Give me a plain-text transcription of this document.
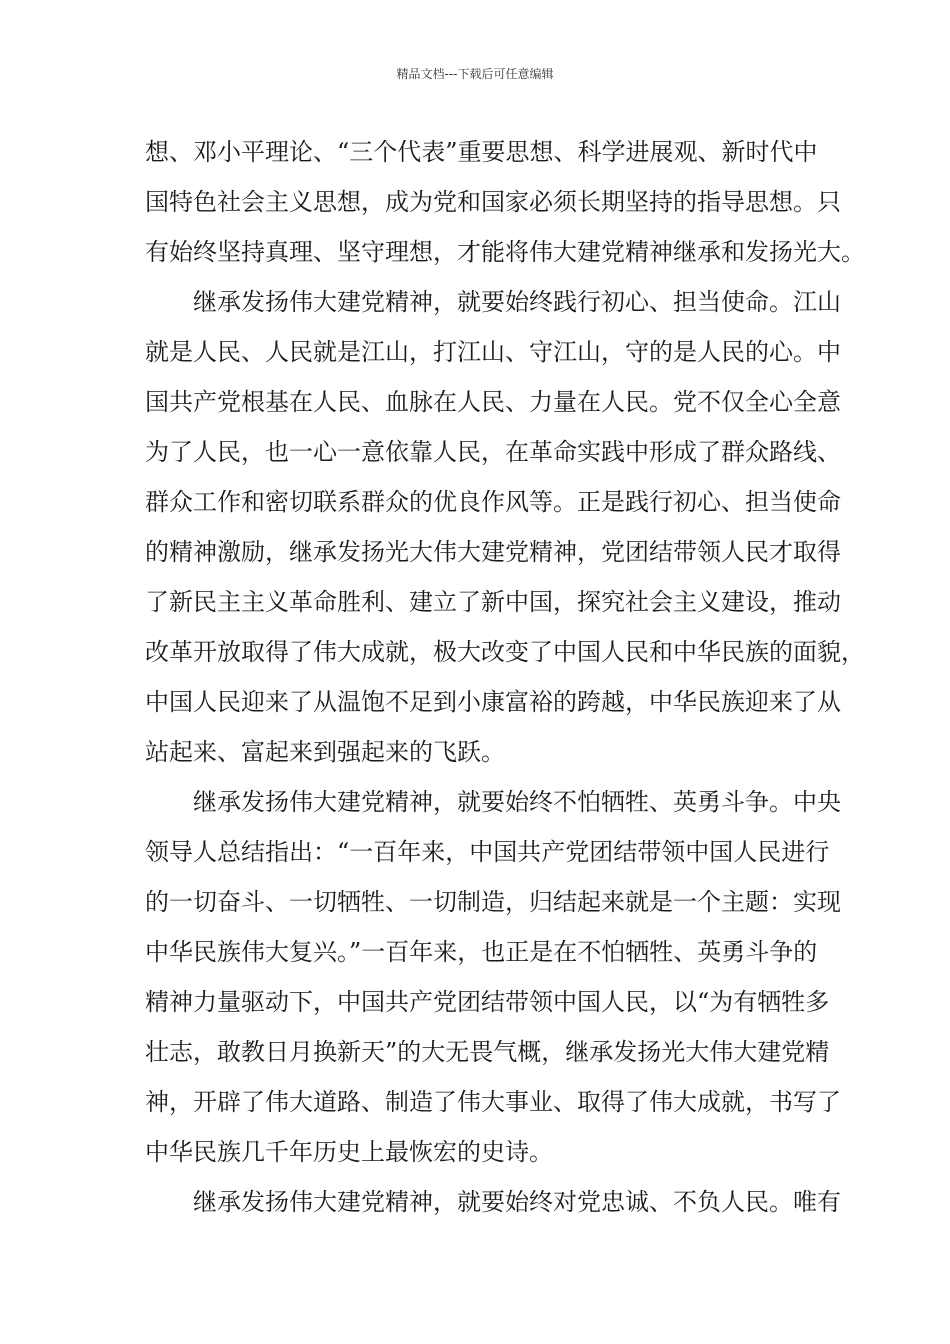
精品文档---下载后可任意编辑
想、邓小平理论、“三个代表”重要思想、科学进展观、新时代中
国特色社会主义思想，成为党和国家必须长期坚持的指导思想。只
有始终坚持真理、坚守理想，才能将伟大建党精神继承和发扬光大。
继承发扬伟大建党精神，就要始终践行初心、担当使命。江山
就是人民、人民就是江山，打江山、守江山，守的是人民的心。中
国共产党根基在人民、血脉在人民、力量在人民。党不仅全心全意
为了人民，也一心一意依靠人民，在革命实践中形成了群众路线、
群众工作和密切联系群众的优良作风等。正是践行初心、担当使命
的精神激励，继承发扬光大伟大建党精神，党团结带领人民才取得
了新民主主义革命胜利、建立了新中国，探究社会主义建设，推动
改革开放取得了伟大成就，极大改变了中国人民和中华民族的面貌，
中国人民迎来了从温饱不足到小康富裕的跨越，中华民族迎来了从
站起来、富起来到强起来的飞跃。
继承发扬伟大建党精神，就要始终不怕牺牲、英勇斗争。中央
领导人总结指出：“一百年来，中国共产党团结带领中国人民进行
的一切奋斗、一切牺牲、一切制造，归结起来就是一个主题：实现
中华民族伟大复兴。”一百年来，也正是在不怕牺牲、英勇斗争的
精神力量驱动下，中国共产党团结带领中国人民，以“为有牺牲多
壮志，敢教日月换新天”的大无畏气概，继承发扬光大伟大建党精
神，开辟了伟大道路、制造了伟大事业、取得了伟大成就，书写了
中华民族几千年历史上最恢宏的史诗。
继承发扬伟大建党精神，就要始终对党忠诚、不负人民。唯有
